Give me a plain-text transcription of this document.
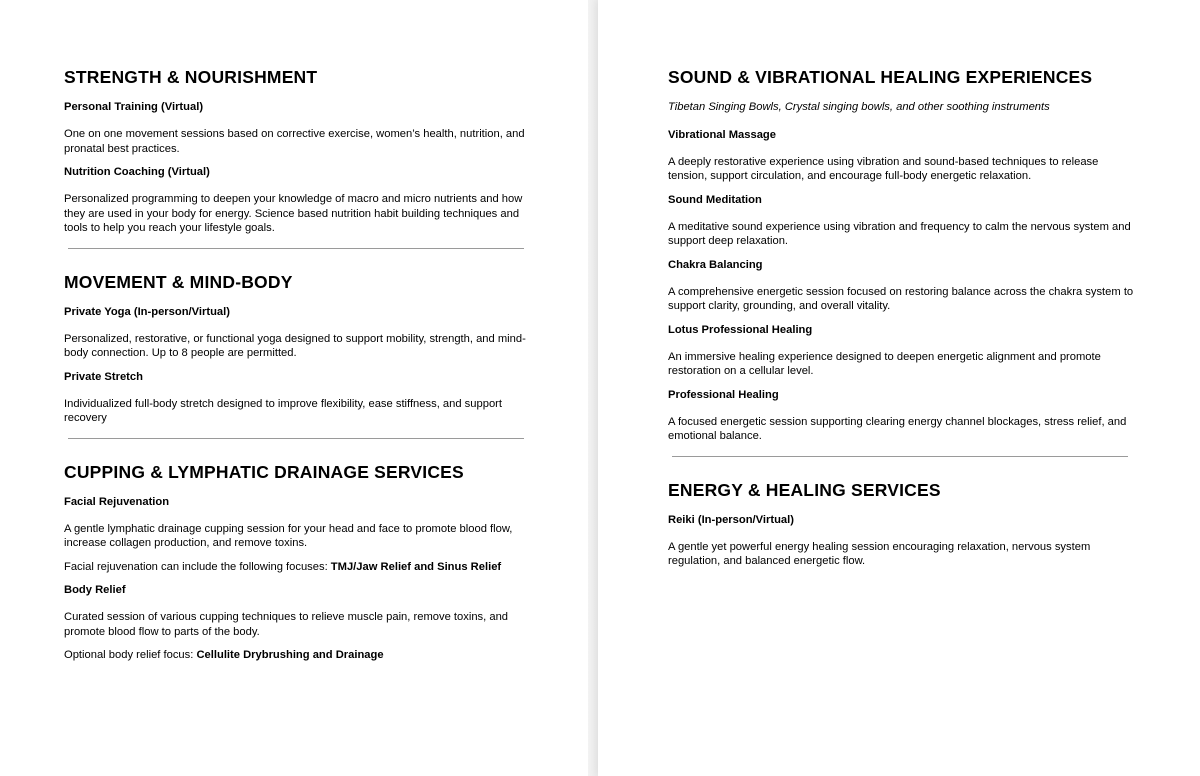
STRENGTH & NOURISHMENT
Personal Training (Virtual)

One on one movement sessions based on corrective exercise, women’s health, nutrition, and pronatal best practices.

Nutrition Coaching (Virtual)

Personalized programming to deepen your knowledge of macro and micro nutrients and how they are used in your body for energy. Science based nutrition habit building techniques and tools to help you reach your lifestyle goals.

MOVEMENT & MIND-BODY
Private Yoga (In-person/Virtual)

Personalized, restorative, or functional yoga designed to support mobility, strength, and mind-body connection. Up to 8 people are permitted.

Private Stretch

Individualized full-body stretch designed to improve flexibility, ease stiffness, and support recovery

CUPPING & LYMPHATIC DRAINAGE SERVICES
Facial Rejuvenation

A gentle lymphatic drainage cupping session for your head and face to promote blood flow, increase collagen production, and remove toxins.

Facial rejuvenation can include the following focuses: TMJ/Jaw Relief and Sinus Relief

Body Relief

Curated session of various cupping techniques to relieve muscle pain, remove toxins, and promote blood flow to parts of the body.

Optional body relief focus: Cellulite Drybrushing and Drainage

SOUND & VIBRATIONAL HEALING EXPERIENCES

Tibetan Singing Bowls, Crystal singing bowls, and other soothing instruments

Vibrational Massage

A deeply restorative experience using vibration and sound-based techniques to release tension, support circulation, and encourage full-body energetic relaxation.

Sound Meditation

A meditative sound experience using vibration and frequency to calm the nervous system and support deep relaxation.

Chakra Balancing

A comprehensive energetic session focused on restoring balance across the chakra system to support clarity, grounding, and overall vitality.

Lotus Professional Healing

An immersive healing experience designed to deepen energetic alignment and promote restoration on a cellular level.

Professional Healing

A focused energetic session supporting clearing energy channel blockages, stress relief, and emotional balance.

ENERGY & HEALING SERVICES
Reiki (In-person/Virtual)

A gentle yet powerful energy healing session encouraging relaxation, nervous system regulation, and balanced energetic flow.
